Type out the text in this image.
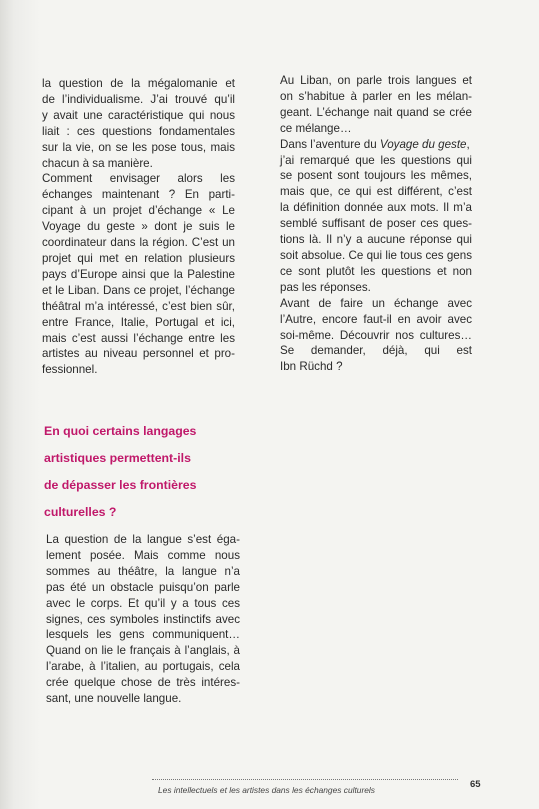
la question de la mégalomanie et
de l’individualisme. J’ai trouvé qu’il
y avait une caractéristique qui nous
liait : ces questions fondamentales
sur la vie, on se les pose tous, mais
chacun à sa manière.
Comment envisager alors les
échanges maintenant ? En parti-
cipant à un projet d’échange « Le
Voyage du geste » dont je suis le
coordinateur dans la région. C’est un
projet qui met en relation plusieurs
pays d’Europe ainsi que la Palestine
et le Liban. Dans ce projet, l’échange
théâtral m’a intéressé, c’est bien sûr,
entre France, Italie, Portugal et ici,
mais c’est aussi l’échange entre les
artistes au niveau personnel et pro-
fessionnel.
En quoi certains langages
artistiques permettent-ils
de dépasser les frontières
culturelles ?
La question de la langue s’est éga-
lement posée. Mais comme nous
sommes au théâtre, la langue n’a
pas été un obstacle puisqu’on parle
avec le corps. Et qu’il y a tous ces
signes, ces symboles instinctifs avec
lesquels les gens communiquent…
Quand on lie le français à l’anglais, à
l’arabe, à l’italien, au portugais, cela
crée quelque chose de très intéres-
sant, une nouvelle langue.
Au Liban, on parle trois langues et
on s’habitue à parler en les mélan-
geant. L’échange nait quand se crée
ce mélange…
Dans l’aventure du Voyage du geste,
j’ai remarqué que les questions qui
se posent sont toujours les mêmes,
mais que, ce qui est différent, c’est
la définition donnée aux mots. Il m’a
semblé suffisant de poser ces ques-
tions là. Il n’y a aucune réponse qui
soit absolue. Ce qui lie tous ces gens
ce sont plutôt les questions et non
pas les réponses.
Avant de faire un échange avec
l’Autre, encore faut-il en avoir avec
soi-même. Découvrir nos cultures…
Se demander, déjà, qui est
Ibn Rüchd ?
Les intellectuels et les artistes dans les échanges culturels	65
